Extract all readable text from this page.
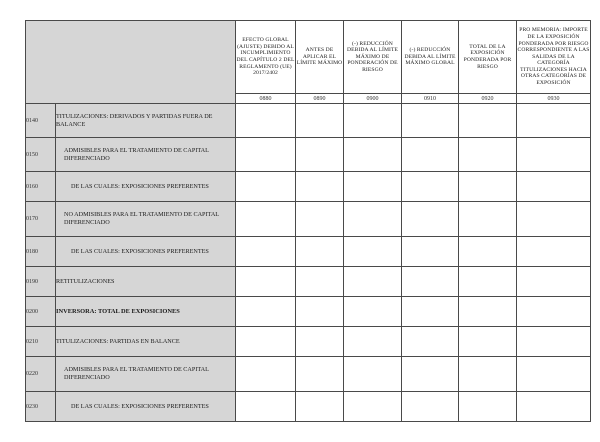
		EFECTO GLOBAL (AJUSTE) DEBIDO AL INCUMPLIMIENTO DEL CAPÍTULO 2 DEL REGLAMENTO (UE) 2017/2402	ANTES DE APLICAR EL LÍMITE MÁXIMO	(-) REDUCCIÓN DEBIDA AL LÍMITE MÁXIMO DE PONDERACIÓN DE RIESGO	(-) REDUCCIÓN DEBIDA AL LÍMITE MÁXIMO GLOBAL	TOTAL DE LA EXPOSICIÓN PONDERADA POR RIESGO	PRO MEMORIA: IMPORTE DE LA EXPOSICIÓN PONDERADA POR RIESGO CORRESPONDIENTE A LAS SALIDAS DE LA CATEGORÍA TITULIZACIONES HACIA OTRAS CATEGORÍAS DE EXPOSICIÓN
		0880	0890	0900	0910	0920	0930
0140	TITULIZACIONES: DERIVADOS Y PARTIDAS FUERA DE BALANCE						
0150	ADMISIBLES PARA EL TRATAMIENTO DE CAPITAL DIFERENCIADO						
0160	DE LAS CUALES: EXPOSICIONES PREFERENTES						
0170	NO ADMISIBLES PARA EL TRATAMIENTO DE CAPITAL DIFERENCIADO						
0180	DE LAS CUALES: EXPOSICIONES PREFERENTES						
0190	RETITULIZACIONES						
0200	INVERSORA: TOTAL DE EXPOSICIONES						
0210	TITULIZACIONES: PARTIDAS EN BALANCE						
0220	ADMISIBLES PARA EL TRATAMIENTO DE CAPITAL DIFERENCIADO						
0230	DE LAS CUALES: EXPOSICIONES PREFERENTES						
